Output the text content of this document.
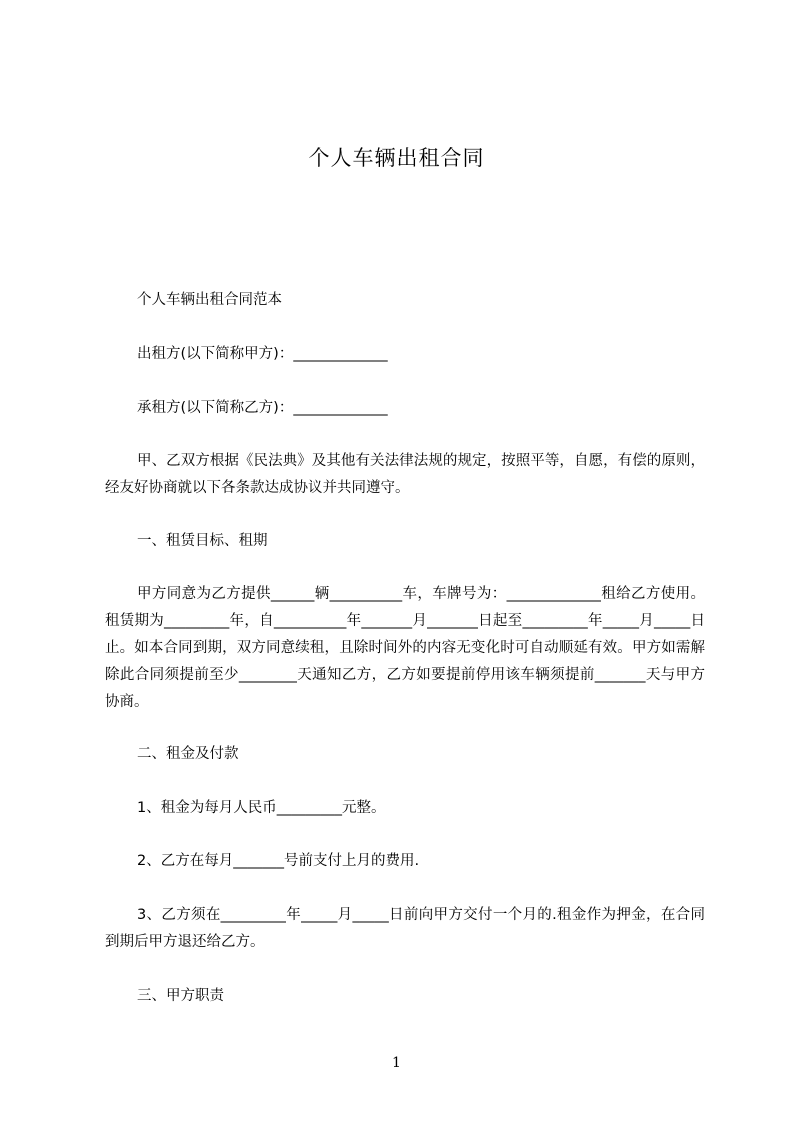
个人车辆出租合同
个人车辆出租合同范本
出租方(以下简称甲方)：_____________
承租方(以下简称乙方)：_____________
甲、乙双方根据《民法典》及其他有关法律法规的规定，按照平等，自愿，有偿的原则，经友好协商就以下各条款达成协议并共同遵守。
一、租赁目标、租期
甲方同意为乙方提供______辆__________车，车牌号为：_____________租给乙方使用。租赁期为_________年，自__________年_______月_______日起至_________年_____月_____日止。如本合同到期，双方同意续租，且除时间外的内容无变化时可自动顺延有效。甲方如需解除此合同须提前至少________天通知乙方，乙方如要提前停用该车辆须提前_______天与甲方协商。
二、租金及付款
1、租金为每月人民币_________元整。
2、乙方在每月_______号前支付上月的费用.
3、乙方须在_________年_____月_____日前向甲方交付一个月的.租金作为押金，在合同到期后甲方退还给乙方。
三、甲方职责
1
